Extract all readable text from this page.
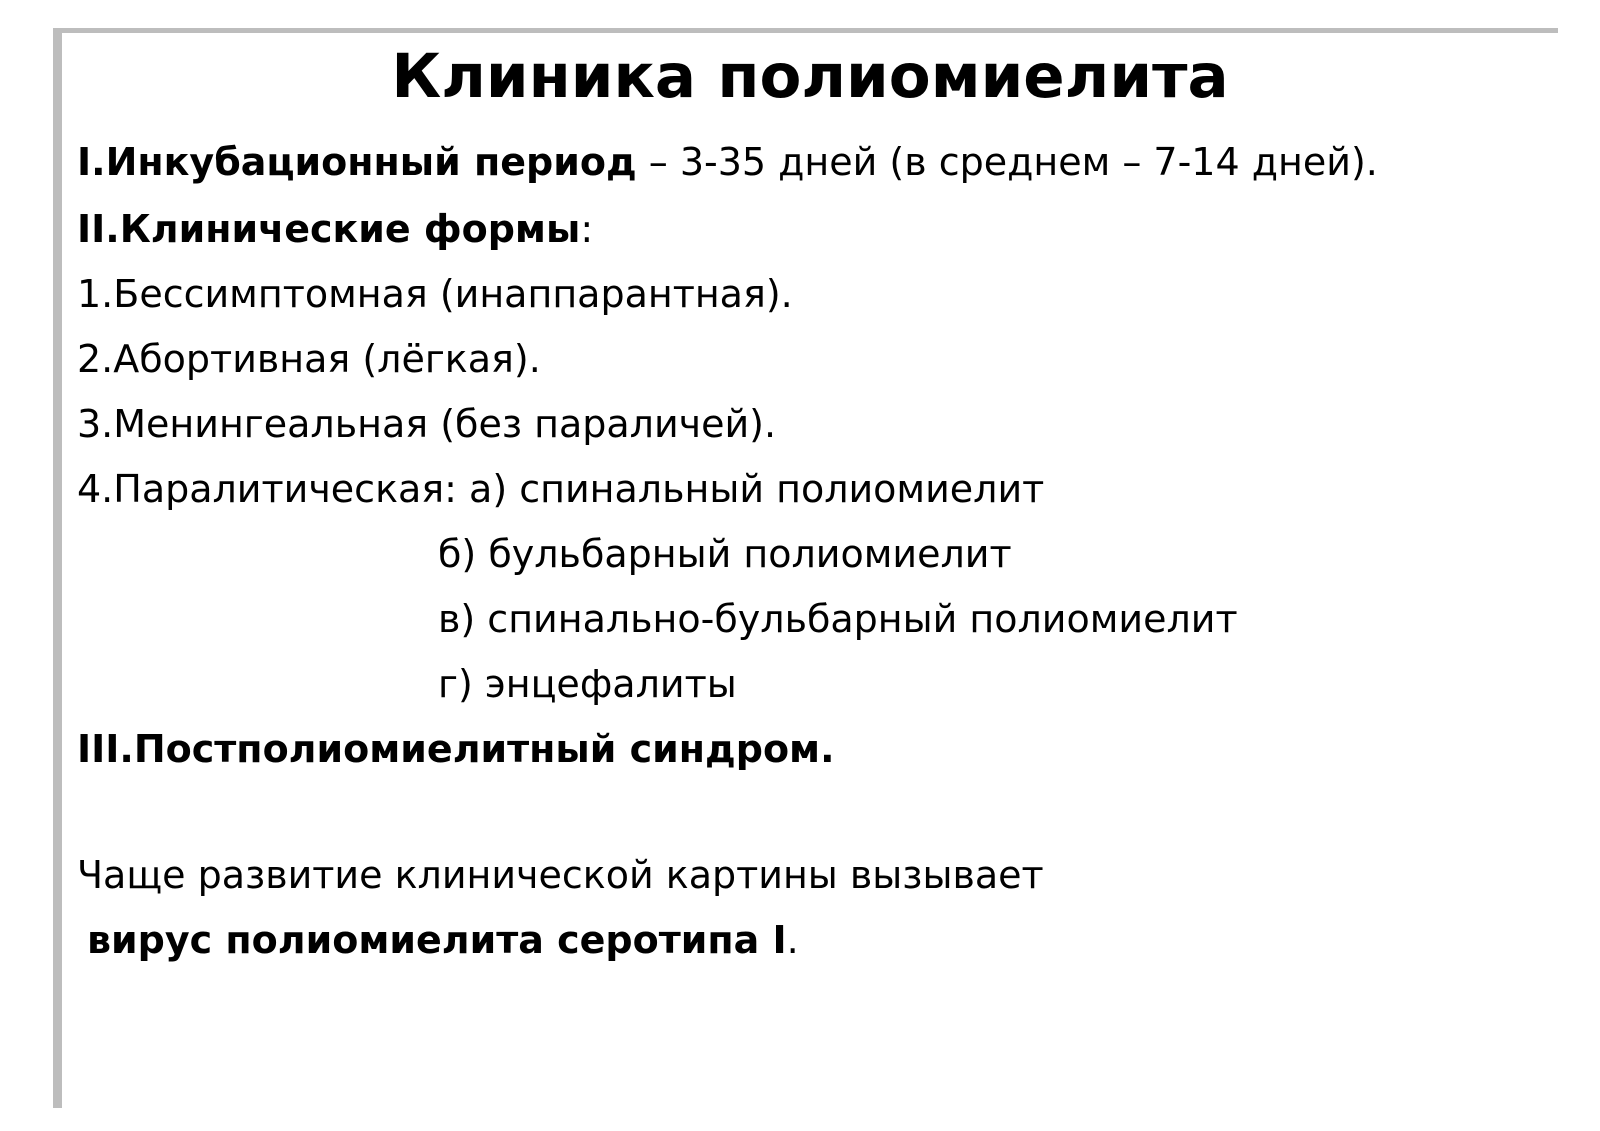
Клиника полиомиелита
I.Инкубационный период – 3-35 дней (в среднем – 7-14 дней).
II.Клинические формы:
1.Бессимптомная (инаппарантная).
2.Абортивная (лёгкая).
3.Менингеальная (без параличей).
4.Паралитическая: а) спинальный полиомиелит
б) бульбарный полиомиелит
в) спинально-бульбарный полиомиелит
г) энцефалиты
III.Постполиомиелитный синдром.
Чаще развитие клинической картины вызывает
вирус полиомиелита серотипа I.
